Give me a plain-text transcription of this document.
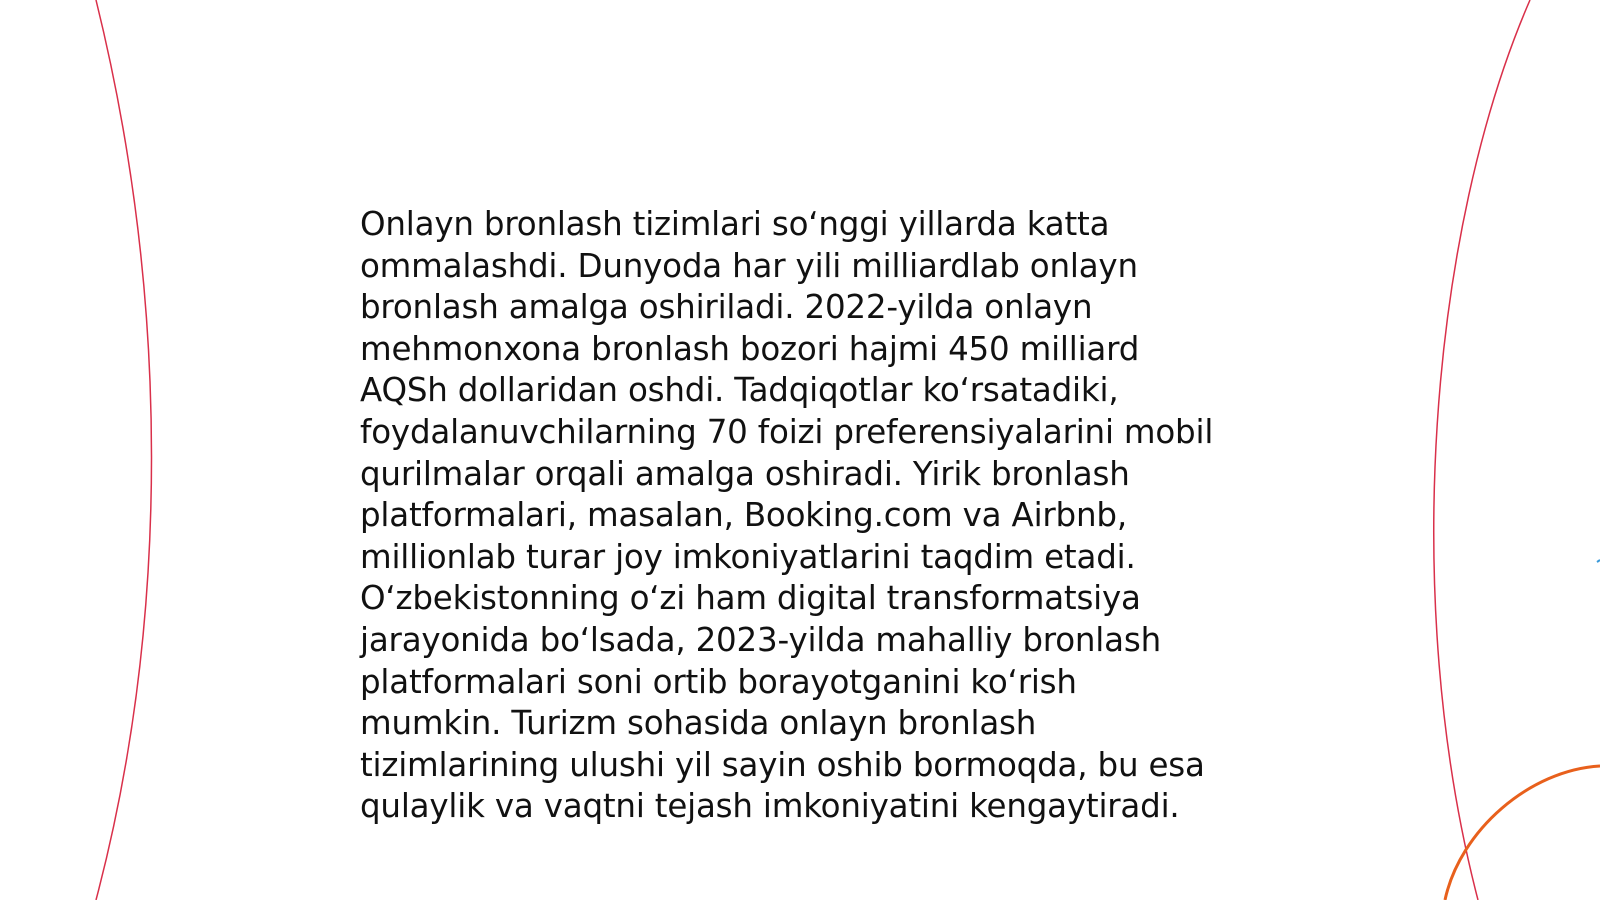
Onlayn bronlash tizimlari so‘nggi yillarda katta
ommalashdi. Dunyoda har yili milliardlab onlayn
bronlash amalga oshiriladi. 2022-yilda onlayn
mehmonxona bronlash bozori hajmi 450 milliard
AQSh dollaridan oshdi. Tadqiqotlar ko‘rsatadiki,
foydalanuvchilarning 70 foizi preferensiyalarini mobil
qurilmalar orqali amalga oshiradi. Yirik bronlash
platformalari, masalan, Booking.com va Airbnb,
millionlab turar joy imkoniyatlarini taqdim etadi.
O‘zbekistonning o‘zi ham digital transformatsiya
jarayonida bo‘lsada, 2023-yilda mahalliy bronlash
platformalari soni ortib borayotganini ko‘rish
mumkin. Turizm sohasida onlayn bronlash
tizimlarining ulushi yil sayin oshib bormoqda, bu esa
qulaylik va vaqtni tejash imkoniyatini kengaytiradi.
